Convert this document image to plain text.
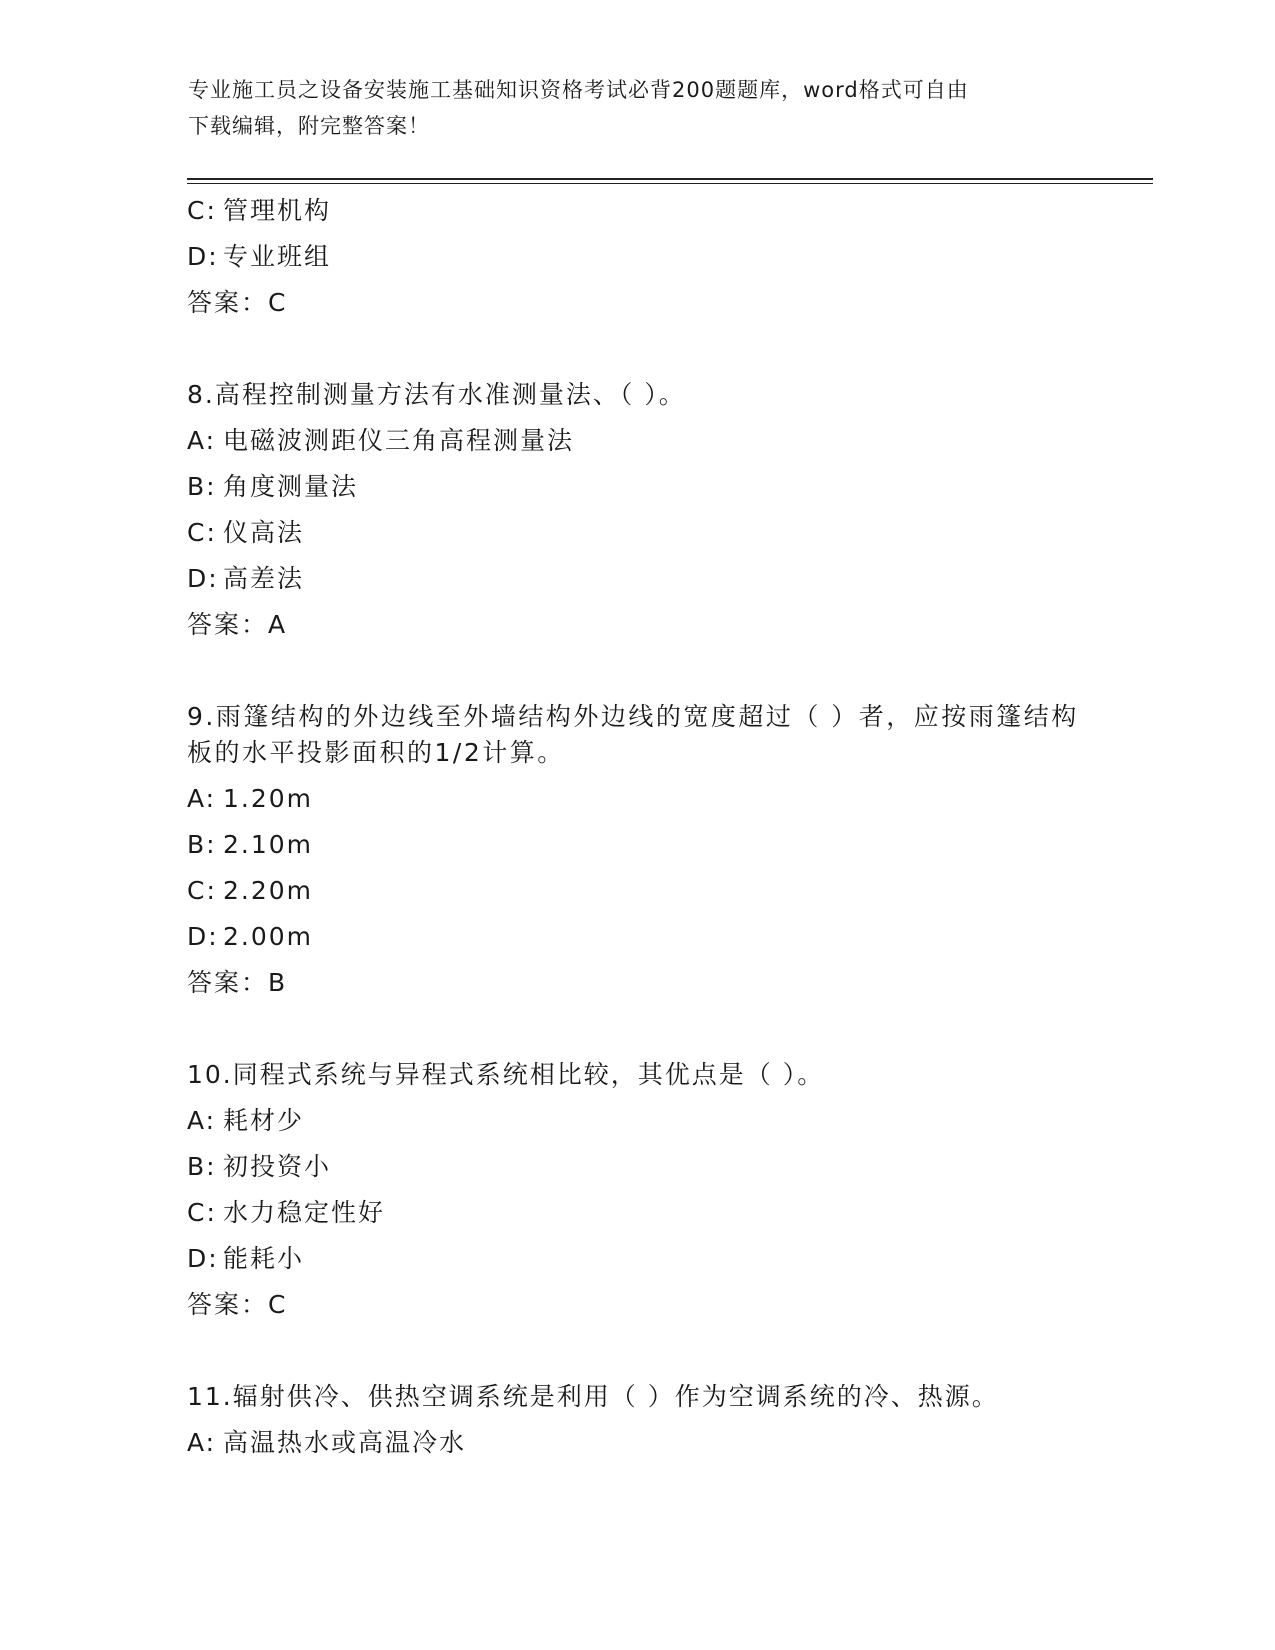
专业施工员之设备安装施工基础知识资格考试必背200题题库，word格式可自由
下载编辑，附完整答案！
C: 管理机构
D: 专业班组
答案：C
8.高程控制测量方法有水准测量法、（ ）。
A: 电磁波测距仪三角高程测量法
B: 角度测量法
C: 仪高法
D: 高差法
答案：A
9.雨篷结构的外边线至外墙结构外边线的宽度超过（ ）者，应按雨篷结构板的水平投影面积的1/2计算。
A: 1.20m
B: 2.10m
C: 2.20m
D: 2.00m
答案：B
10.同程式系统与异程式系统相比较，其优点是（ ）。
A: 耗材少
B: 初投资小
C: 水力稳定性好
D: 能耗小
答案：C
11.辐射供冷、供热空调系统是利用（ ）作为空调系统的冷、热源。
A: 高温热水或高温冷水
